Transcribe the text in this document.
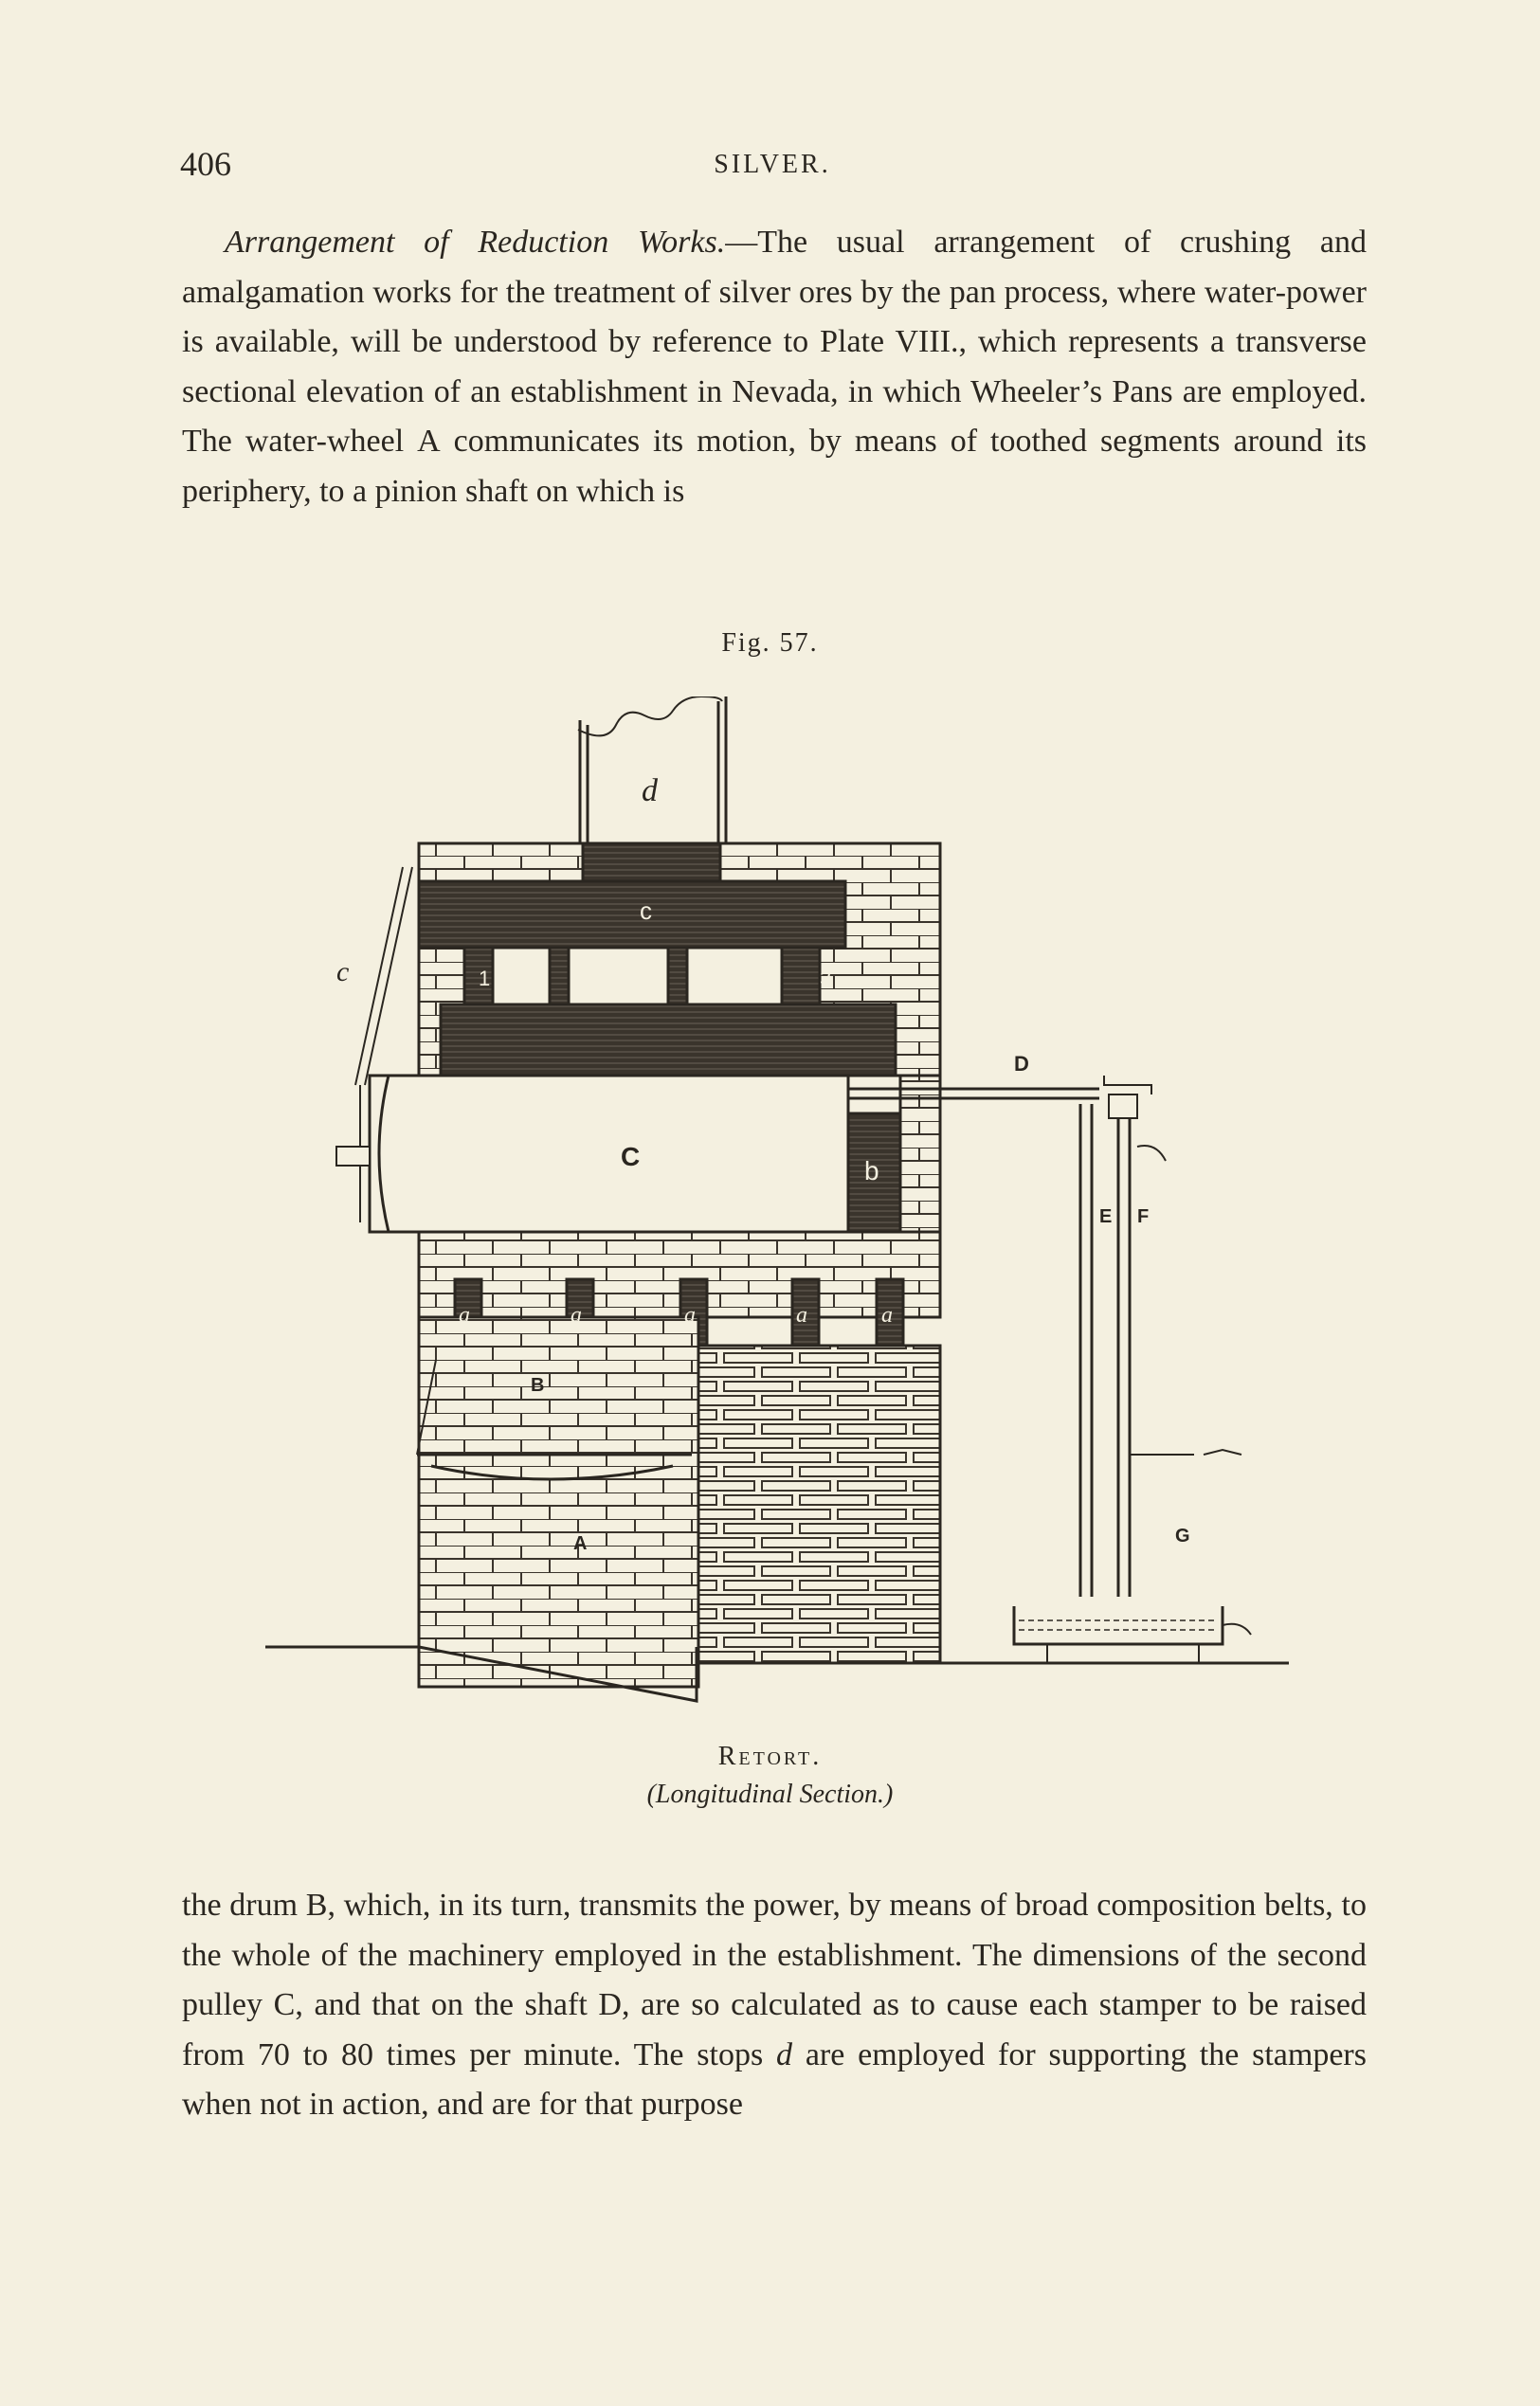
406	SILVER.

Arrangement of Reduction Works.—The usual arrangement of crushing and amalgamation works for the treatment of silver ores by the pan process, where water-power is available, will be understood by reference to Plate VIII., which represents a transverse sectional elevation of an establishment in Nevada, in which Wheeler’s Pans are employed. The water-wheel A communicates its motion, by means of toothed segments around its periphery, to a pinion shaft on which is

Fig. 57.
d
c
1	2	3
c
C	b
D
E F
a	a	a	a	a
B
A	G
Retort.
(Longitudinal Section.)

the drum B, which, in its turn, transmits the power, by means of broad composition belts, to the whole of the machinery employed in the establishment. The dimensions of the second pulley C, and that on the shaft D, are so calculated as to cause each stamper to be raised from 70 to 80 times per minute. The stops d are employed for supporting the stampers when not in action, and are for that purpose
